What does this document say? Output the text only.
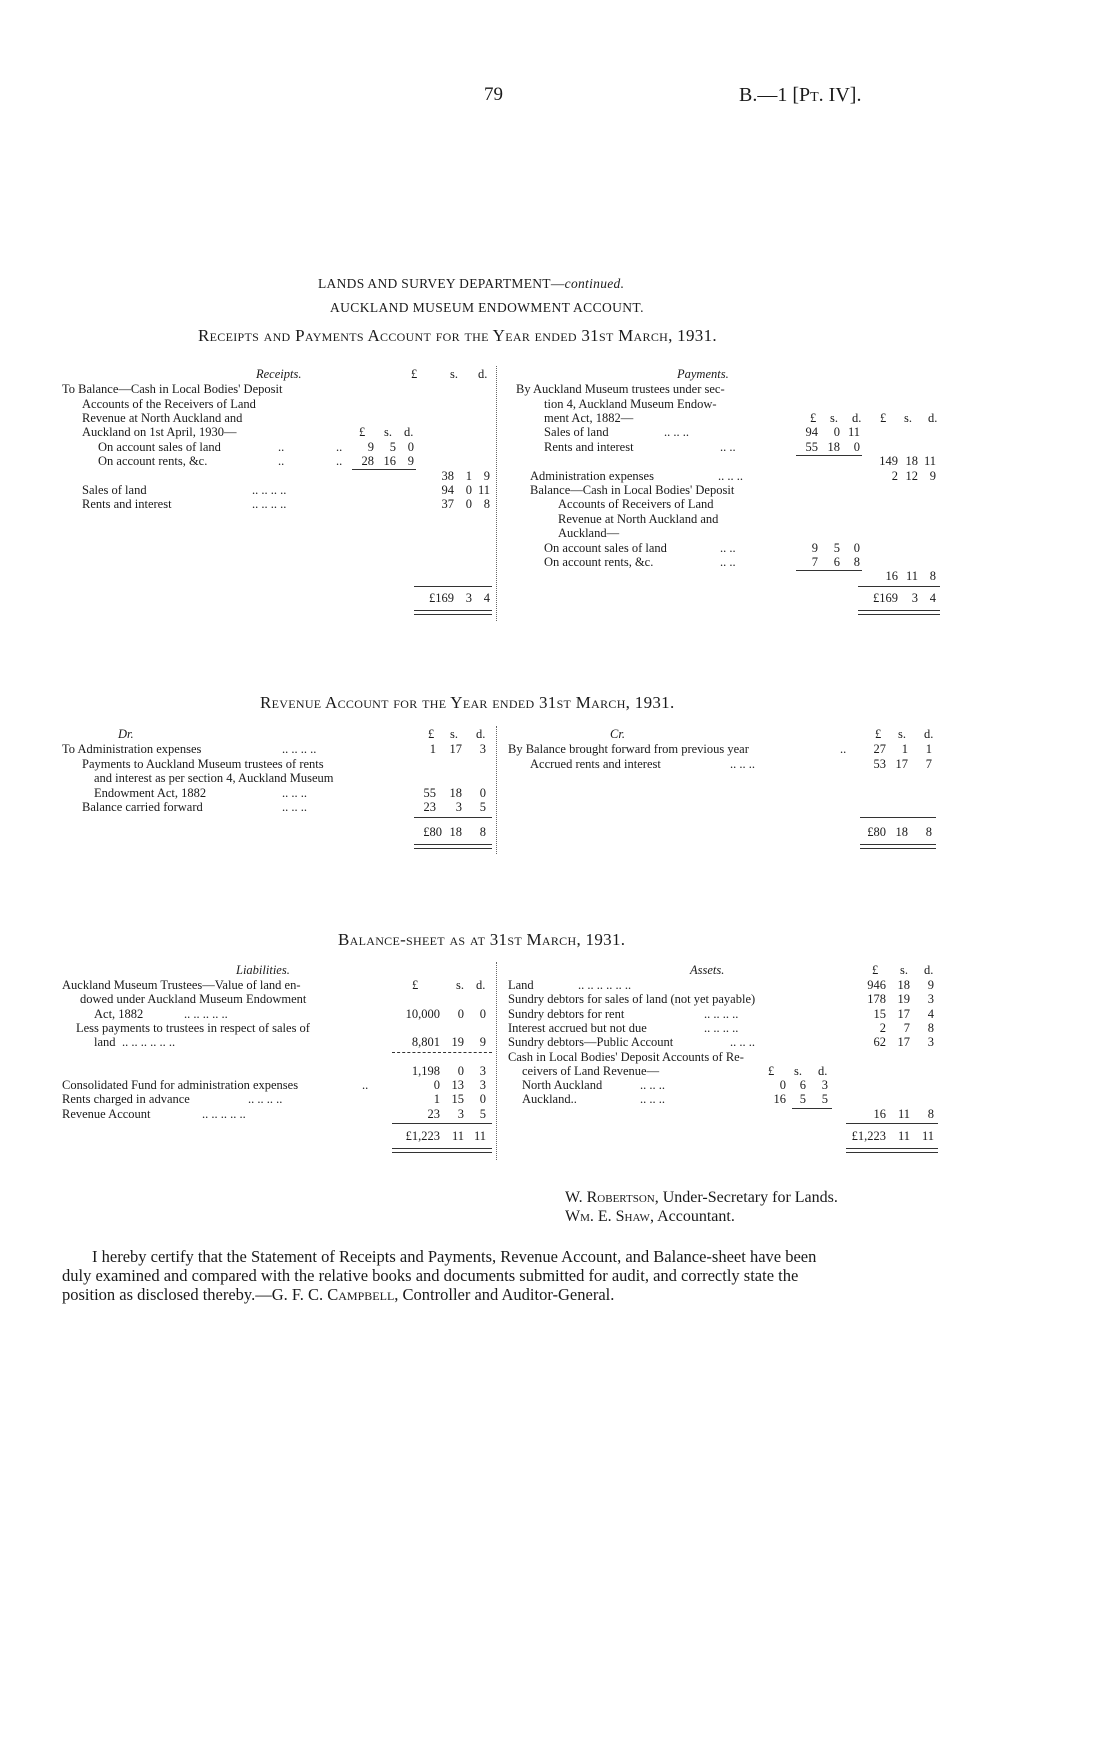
79	B.—1 [Pt. IV].
LANDS AND SURVEY DEPARTMENT—continued.
AUCKLAND MUSEUM ENDOWMENT ACCOUNT.
Receipts and Payments Account for the Year ended 31st March, 1931.
Receipts.	£	s. d.
To Balance—Cash in Local Bodies' Deposit
Accounts of the Receivers of Land
Revenue at North Auckland and
Auckland on 1st April, 1930—	£ s. d.
On account sales of land	..	..	9	5 0
On account rents, &c.	..	..	28 16 9
38 1 9
Sales of land	.. .. .. ..	94 0 11
Rents and interest	.. .. .. ..	37 0 8
£169 3 4
Payments.
By Auckland Museum trustees under sec-
tion 4, Auckland Museum Endow-
ment Act, 1882—	£ s. d. £ s. d.
Sales of land	.. .. ..	94	0 11
Rents and interest	.. ..	55 18	0
149 18 11
Administration expenses	.. .. ..	2 12 9
Balance—Cash in Local Bodies' Deposit
Accounts of Receivers of Land
Revenue at North Auckland and
Auckland—
On account sales of land	.. ..	9	5	0
On account rents, &c.	.. ..	7	6	8
16 11 8
£169	3 4
Revenue Account for the Year ended 31st March, 1931.
Dr.	£ s. d.
To Administration expenses	.. .. .. ..	1	17	3
Payments to Auckland Museum trustees of rents
and interest as per section 4, Auckland Museum
Endowment Act, 1882	.. .. ..	55	18	0
Balance carried forward	.. .. ..	23	3	5
£80 18	8
Cr.	£ s. d.
By Balance brought forward from previous year	..	27	1	1
Accrued rents and interest	.. .. ..	53 17	7
£80 18	8
Balance-sheet as at 31st March, 1931.
Liabilities.
£	s. d.
Auckland Museum Trustees—Value of land en-
dowed under Auckland Museum Endowment
Act, 1882	.. .. .. .. ..	10,000	0	0
Less payments to trustees in respect of sales of
land .. .. .. .. .. ..	8,801 19	9
1,198	0	3
Consolidated Fund for administration expenses	..	0 13	3
Rents charged in advance	.. .. .. ..	1 15	0
Revenue Account	.. .. .. .. ..	23	3	5
£1,223 11 11
Assets.	£ s. d.
Land	.. .. .. .. .. ..	946 18	9
Sundry debtors for sales of land (not yet payable)	178 19	3
Sundry debtors for rent	.. .. .. ..	15 17	4
Interest accrued but not due	.. .. .. ..	2	7	8
Sundry debtors—Public Account	.. .. ..	62 17	3
Cash in Local Bodies' Deposit Accounts of Re-
ceivers of Land Revenue—	£ s. d.
North Auckland	.. .. ..	0	6	3
Auckland..	.. .. ..	16	5	5
16 11	8
£1,223 11 11
W. Robertson, Under-Secretary for Lands.
Wm. E. Shaw, Accountant.
I hereby certify that the Statement of Receipts and Payments, Revenue Account, and Balance-sheet have been
duly examined and compared with the relative books and documents submitted for audit, and correctly state the
position as disclosed thereby.—G. F. C. Campbell, Controller and Auditor-General.
